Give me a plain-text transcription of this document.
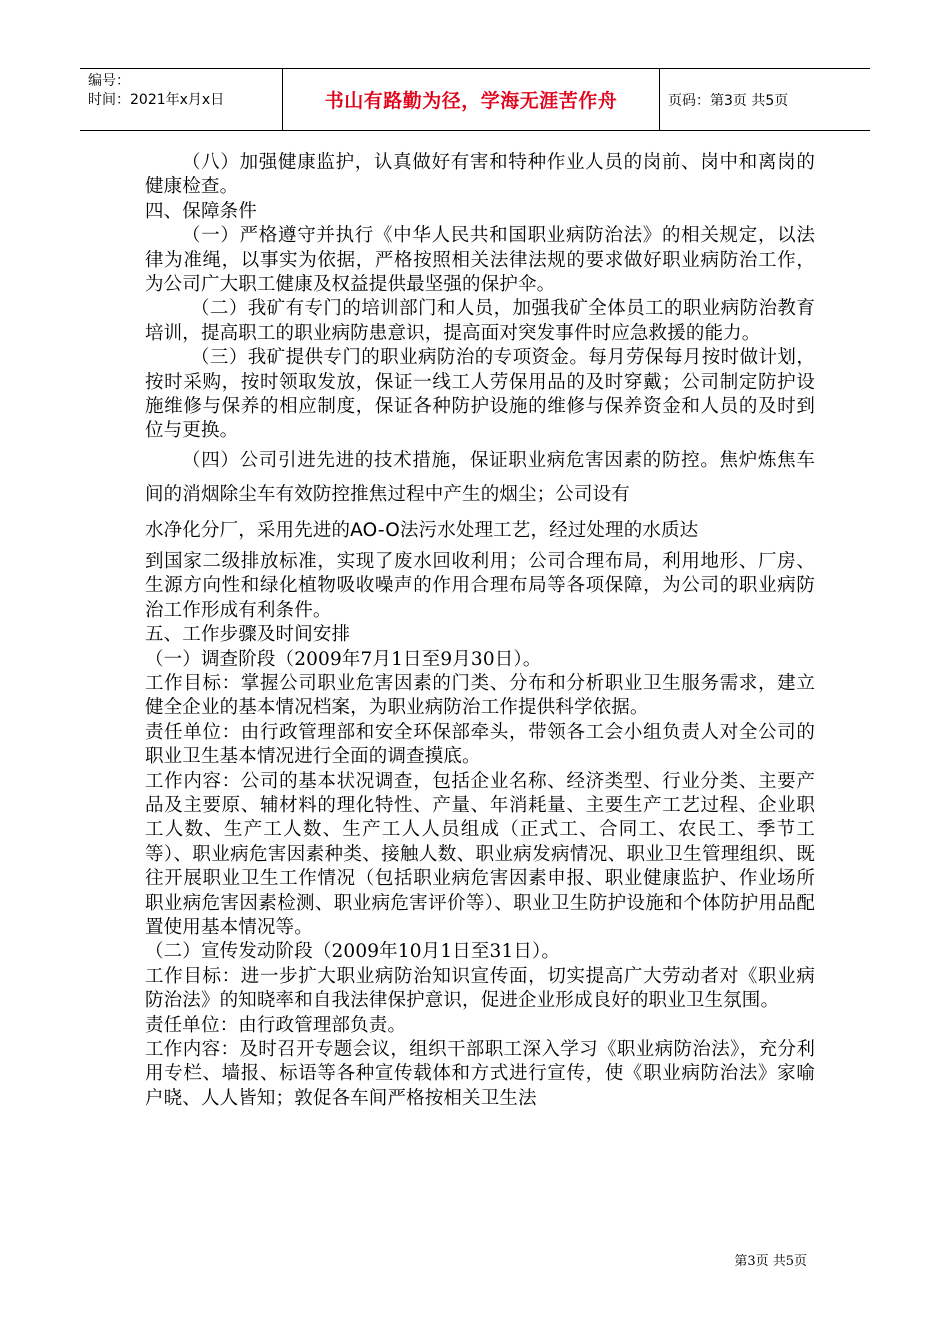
编号：
时间：2021年x月x日	书山有路勤为径，学海无涯苦作舟	页码：第3页 共5页

（八）加强健康监护，认真做好有害和特种作业人员的岗前、岗中和离岗的健康检查。

四、保障条件

（一）严格遵守并执行《中华人民共和国职业病防治法》的相关规定，以法律为准绳，以事实为依据，严格按照相关法律法规的要求做好职业病防治工作，为公司广大职工健康及权益提供最坚强的保护伞。

（二）我矿有专门的培训部门和人员，加强我矿全体员工的职业病防治教育培训，提高职工的职业病防患意识，提高面对突发事件时应急救援的能力。

（三）我矿提供专门的职业病防治的专项资金。每月劳保每月按时做计划，按时采购，按时领取发放，保证一线工人劳保用品的及时穿戴；公司制定防护设施维修与保养的相应制度，保证各种防护设施的维修与保养资金和人员的及时到位与更换。

（四）公司引进先进的技术措施，保证职业病危害因素的防控。焦炉炼焦车间的消烟除尘车有效防控推焦过程中产生的烟尘；公司设有

水净化分厂，采用先进的AO-O法污水处理工艺，经过处理的水质达

到国家二级排放标准，实现了废水回收利用；公司合理布局，利用地形、厂房、生源方向性和绿化植物吸收噪声的作用合理布局等各项保障，为公司的职业病防治工作形成有利条件。

五、工作步骤及时间安排

（一）调查阶段（2009年7月1日至9月30日）。

工作目标：掌握公司职业危害因素的门类、分布和分析职业卫生服务需求，建立健全企业的基本情况档案，为职业病防治工作提供科学依据。

责任单位：由行政管理部和安全环保部牵头，带领各工会小组负责人对全公司的职业卫生基本情况进行全面的调查摸底。

工作内容：公司的基本状况调查，包括企业名称、经济类型、行业分类、主要产品及主要原、辅材料的理化特性、产量、年消耗量、主要生产工艺过程、企业职工人数、生产工人数、生产工人人员组成（正式工、合同工、农民工、季节工等）、职业病危害因素种类、接触人数、职业病发病情况、职业卫生管理组织、既往开展职业卫生工作情况（包括职业病危害因素申报、职业健康监护、作业场所职业病危害因素检测、职业病危害评价等）、职业卫生防护设施和个体防护用品配置使用基本情况等。

（二）宣传发动阶段（2009年10月1日至31日）。

工作目标：进一步扩大职业病防治知识宣传面，切实提高广大劳动者对《职业病防治法》的知晓率和自我法律保护意识，促进企业形成良好的职业卫生氛围。

责任单位：由行政管理部负责。

工作内容：及时召开专题会议，组织干部职工深入学习《职业病防治法》，充分利用专栏、墙报、标语等各种宣传载体和方式进行宣传，使《职业病防治法》家喻户晓、人人皆知；敦促各车间严格按相关卫生法

第3页 共5页
